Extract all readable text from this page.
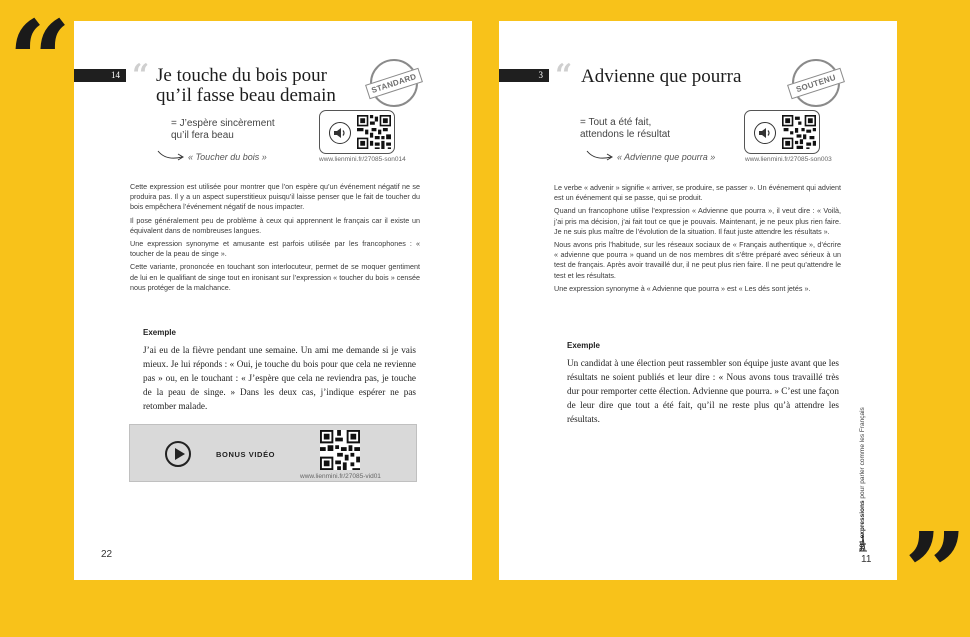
“
”
14 “ Je touche du bois pour
qu’il fasse beau demain
STANDARD
= J’espère sincèrement
qu’il fera beau
« Toucher du bois »	www.lienmini.fr/27085-son014

Cette expression est utilisée pour montrer que l’on espère qu’un événement négatif ne se produira pas. Il y a un aspect superstitieux puisqu’il laisse penser que le fait de toucher du bois empêchera l’événement négatif de nous impacter.

Il pose généralement peu de problème à ceux qui apprennent le français car il existe un équivalent dans de nombreuses langues.

Une expression synonyme et amusante est parfois utilisée par les francophones : « toucher de la peau de singe ».

Cette variante, prononcée en touchant son interlocuteur, permet de se moquer gentiment de lui en le qualifiant de singe tout en ironisant sur l’expression « toucher du bois » censée nous protéger de la malchance.

Exemple
J’ai eu de la fièvre pendant une semaine. Un ami me demande si je vais mieux. Je lui réponds : « Oui, je touche du bois pour que cela ne revienne pas » ou, en le touchant : « J’espère que cela ne reviendra pas, je touche de la peau de singe. » Dans les deux cas, j’indique espérer ne pas retomber malade.
BONUS VIDÉO
www.lienmini.fr/27085-vid01
22
3 “ Advienne que pourra	SOUTENU
= Tout a été fait,
attendons le résultat
« Advienne que pourra »	www.lienmini.fr/27085-son003

Le verbe « advenir » signifie « arriver, se produire, se passer ». Un événement qui advient est un événement qui se passe, qui se produit.

Quand un francophone utilise l’expression « Advienne que pourra », il veut dire : « Voilà, j’ai pris ma décision, j’ai fait tout ce que je pouvais. Maintenant, je ne peux plus rien faire. Je ne suis plus maître de l’évolution de la situation. Il faut juste attendre les résultats ».

Nous avons pris l’habitude, sur les réseaux sociaux de « Français authentique », d’écrire « advienne que pourra » quand un de nos membres dit s’être préparé avec sérieux à un test de français. Après avoir travaillé dur, il ne peut plus rien faire. Il ne peut qu’attendre le test et les résultats.

Une expression synonyme à « Advienne que pourra » est « Les dés sont jetés ».

Exemple
Un candidat à une élection peut rassembler son équipe juste avant que les résultats ne soient publiés et leur dire : « Nous avons tous travaillé très dur pour remporter cette élection. Advienne que pourra. » C’est une façon de leur dire que tout a été fait, qu’il ne reste plus qu’à attendre les résultats.
301 expressions pour parler comme les Français
11
